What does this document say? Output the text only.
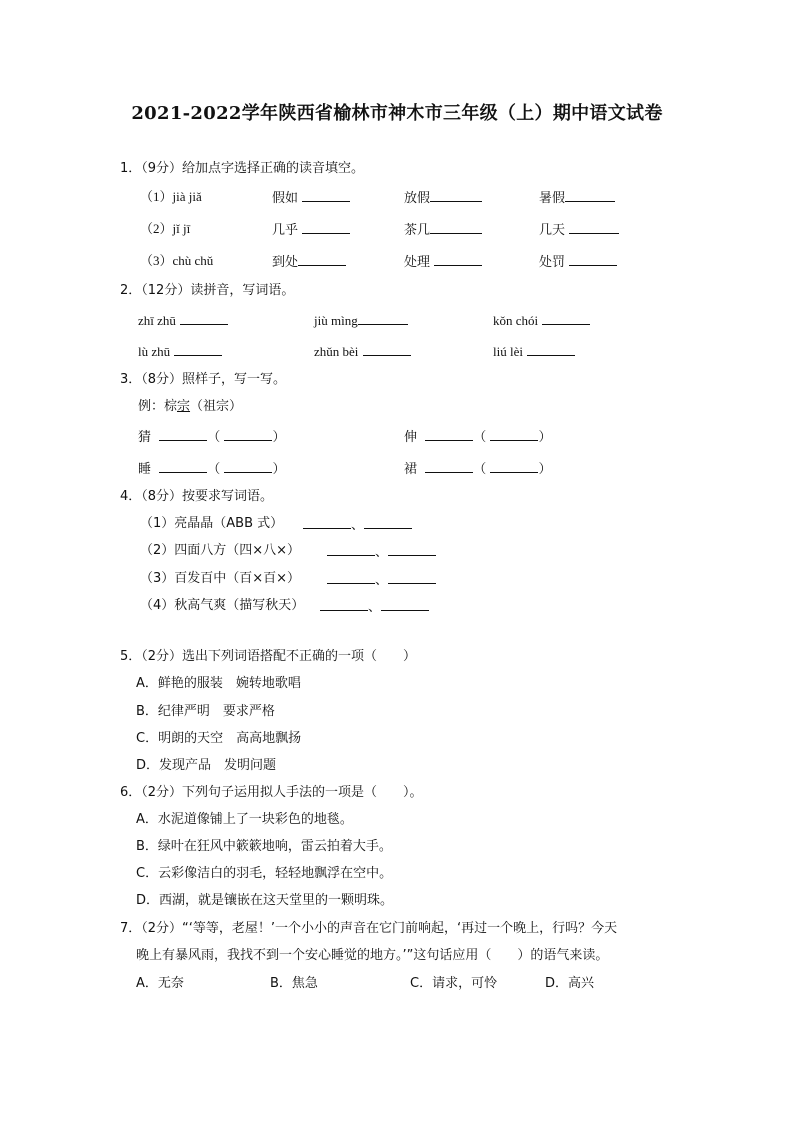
2021-2022学年陕西省榆林市神木市三年级（上）期中语文试卷
1．（9分）给加点字选择正确的读音填空。
（1）jià jiǎ	假如	放假	暑假
（2）jǐ jī	几乎	茶几	几天
（3）chù chǔ	到处	处理	处罚
2．（12分）读拼音，写词语。
zhī zhū	jiù mìng	kǒn chói
lù zhū	zhǔn bèi	liú lèi
3．（8分）照样子，写一写。
例：棕宗（祖宗）
猜	（	）	伸	（	）
睡	（	）	裙	（	）
4．（8分）按要求写词语。
（1）亮晶晶（ABB 式）	、
（2）四面八方（四×八×）	、
（3）百发百中（百×百×）	、
（4）秋高气爽（描写秋天）	、
5．（2分）选出下列词语搭配不正确的一项（　　）
A．鲜艳的服装　婉转地歌唱
B．纪律严明　要求严格
C．明朗的天空　高高地飘扬
D．发现产品　发明问题
6．（2分）下列句子运用拟人手法的一项是（　　）。
A．水泥道像铺上了一块彩色的地毯。
B．绿叶在狂风中簌簌地响，雷云拍着大手。
C．云彩像洁白的羽毛，轻轻地飘浮在空中。
D．西湖，就是镶嵌在这天堂里的一颗明珠。
7．（2分）“‘等等，老屋！’一个小小的声音在它门前响起，‘再过一个晚上，行吗？今天
晚上有暴风雨，我找不到一个安心睡觉的地方。’”这句话应用（　　）的语气来读。
A．无奈	B．焦急	C．请求，可怜	D．高兴
